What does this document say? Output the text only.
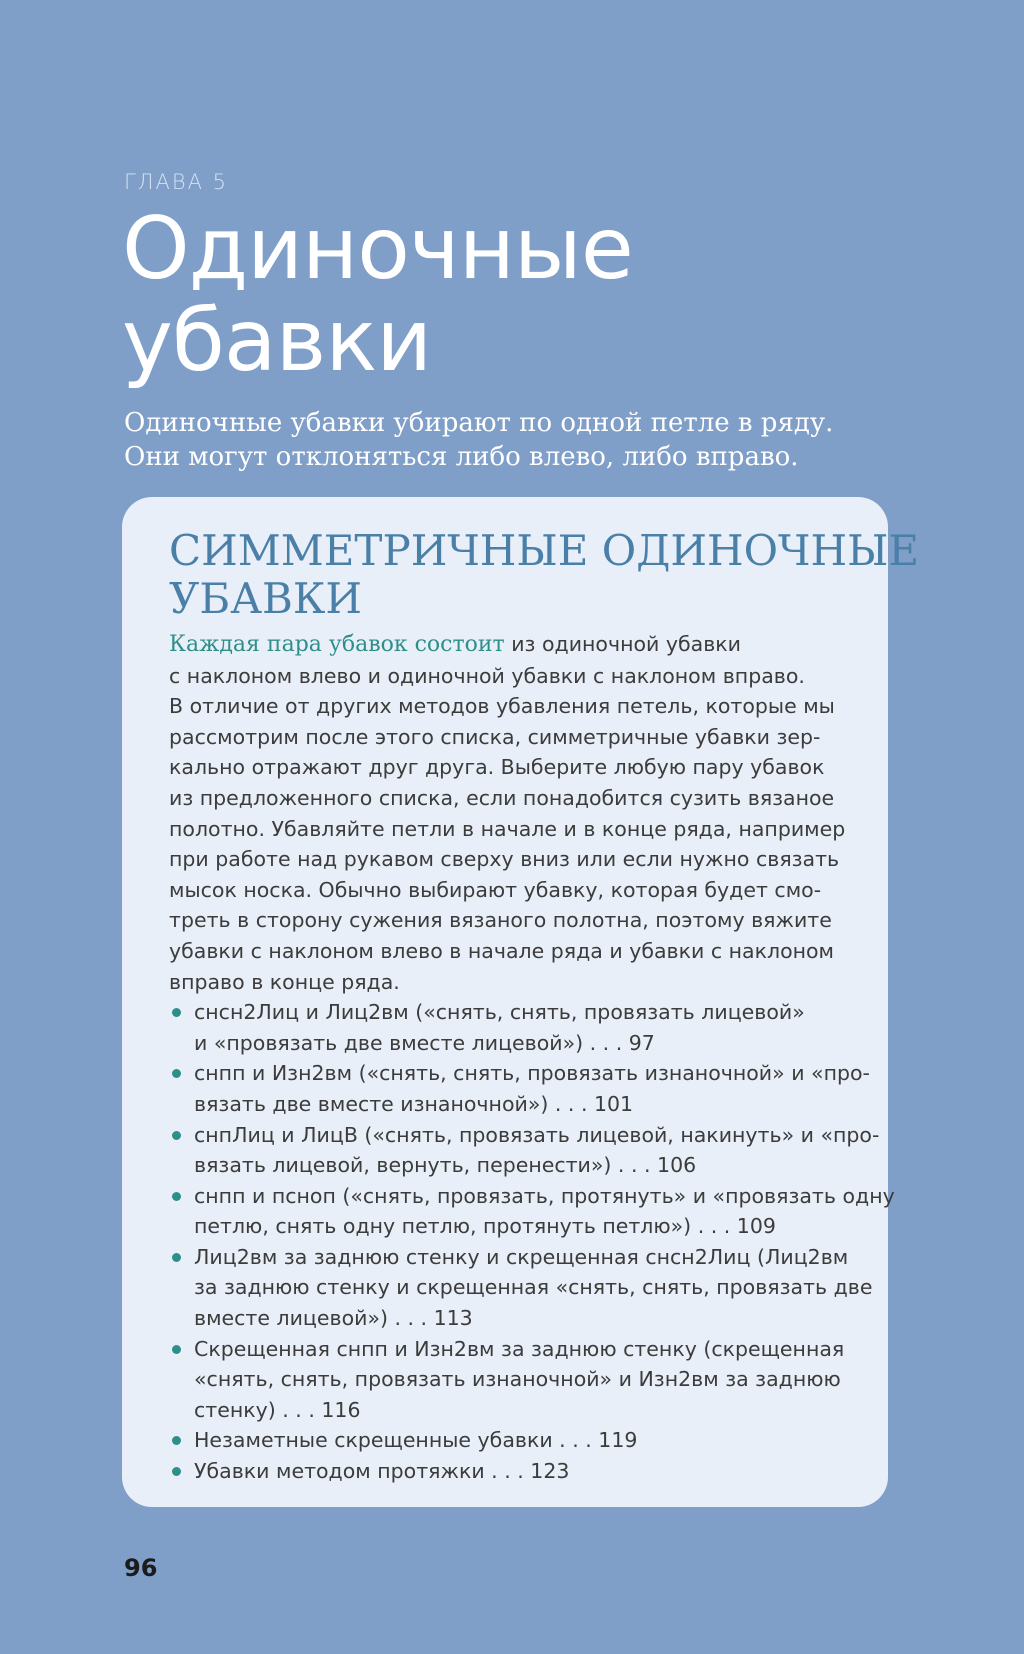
ГЛАВА 5
Одиночные
убавки
Одиночные убавки убирают по одной петле в ряду.
Они могут отклоняться либо влево, либо вправо.
СИММЕТРИЧНЫЕ ОДИНОЧНЫЕ
УБАВКИ
Каждая пара убавок состоит из одиночной убавки
с наклоном влево и одиночной убавки с наклоном вправо.
В отличие от других методов убавления петель, которые мы
рассмотрим после этого списка, симметричные убавки зер-
кально отражают друг друга. Выберите любую пару убавок
из предложенного списка, если понадобится сузить вязаное
полотно. Убавляйте петли в начале и в конце ряда, например
при работе над рукавом сверху вниз или если нужно связать
мысок носка. Обычно выбирают убавку, которая будет смо-
треть в сторону сужения вязаного полотна, поэтому вяжите
убавки с наклоном влево в начале ряда и убавки с наклоном
вправо в конце ряда.
снсн2Лиц и Лиц2вм («снять, снять, провязать лицевой»
и «провязать две вместе лицевой») . . . 97
снпп и Изн2вм («снять, снять, провязать изнаночной» и «про-
вязать две вместе изнаночной») . . . 101
снпЛиц и ЛицВ («снять, провязать лицевой, накинуть» и «про-
вязать лицевой, вернуть, перенести») . . . 106
снпп и псноп («снять, провязать, протянуть» и «провязать одну
петлю, снять одну петлю, протянуть петлю») . . . 109
Лиц2вм за заднюю стенку и скрещенная снсн2Лиц (Лиц2вм
за заднюю стенку и скрещенная «снять, снять, провязать две
вместе лицевой») . . . 113
Скрещенная снпп и Изн2вм за заднюю стенку (скрещенная
«снять, снять, провязать изнаночной» и Изн2вм за заднюю
стенку) . . . 116
Незаметные скрещенные убавки . . . 119
Убавки методом протяжки . . . 123
96
